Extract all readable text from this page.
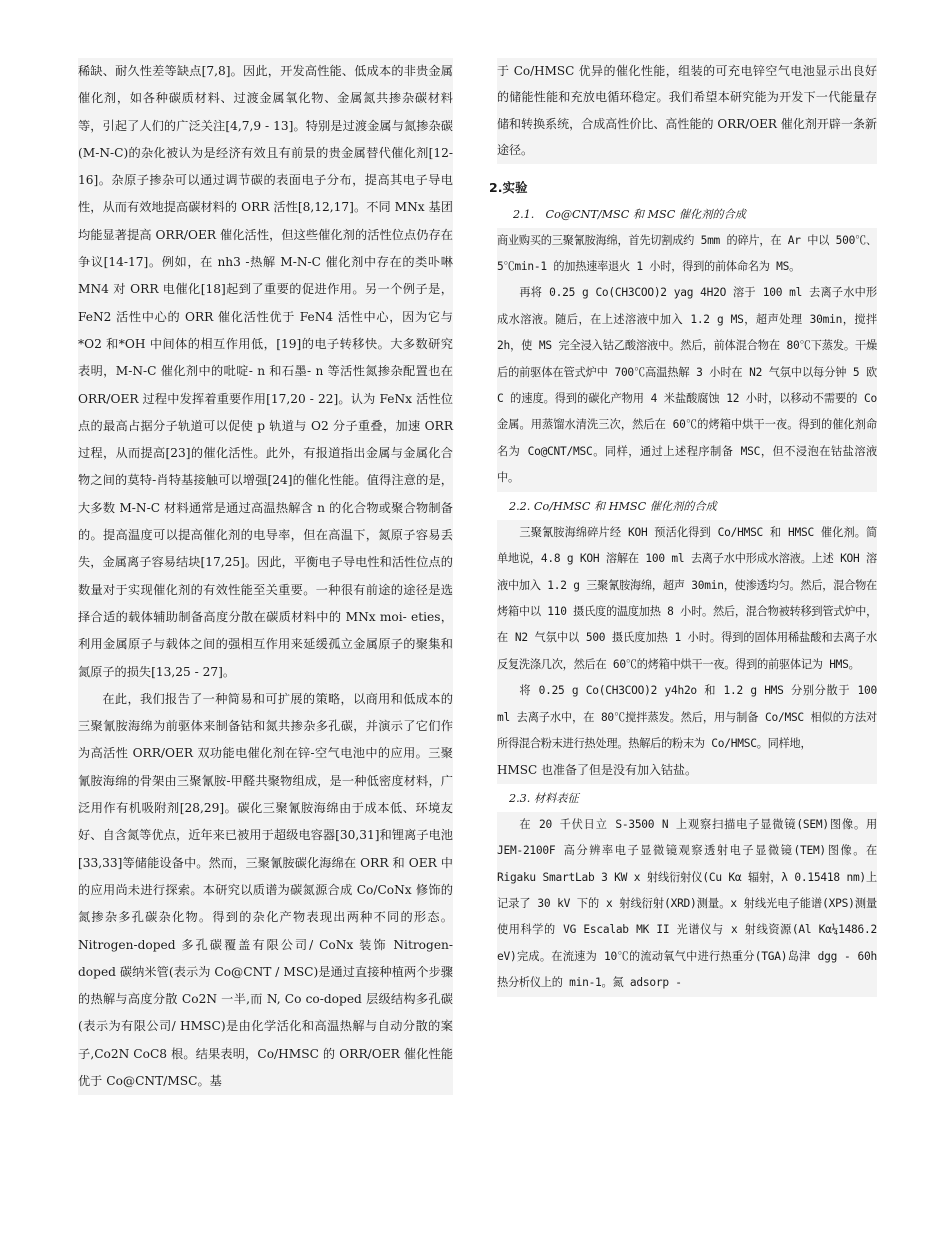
稀缺、耐久性差等缺点[7,8]。因此，开发高性能、低成本的非贵金属催化剂，如各种碳质材料、过渡金属氧化物、金属氮共掺杂碳材料等，引起了人们的广泛关注[4,7,9 - 13]。特别是过渡金属与氮掺杂碳(M-N-C)的杂化被认为是经济有效且有前景的贵金属替代催化剂[12-16]。杂原子掺杂可以通过调节碳的表面电子分布，提高其电子导电性，从而有效地提高碳材料的 ORR 活性[8,12,17]。不同 MNx 基团均能显著提高 ORR/OER 催化活性，但这些催化剂的活性位点仍存在争议[14-17]。例如，在 nh3 -热解 M-N-C 催化剂中存在的类卟啉 MN4 对 ORR 电催化[18]起到了重要的促进作用。另一个例子是，FeN2 活性中心的 ORR 催化活性优于 FeN4 活性中心，因为它与*O2 和*OH 中间体的相互作用低，[19]的电子转移快。大多数研究表明，M-N-C 催化剂中的吡啶- n 和石墨- n 等活性氮掺杂配置也在 ORR/OER 过程中发挥着重要作用[17,20 - 22]。认为 FeNx 活性位点的最高占据分子轨道可以促使 p 轨道与 O2 分子重叠，加速 ORR 过程，从而提高[23]的催化活性。此外，有报道指出金属与金属化合物之间的莫特-肖特基接触可以增强[24]的催化性能。值得注意的是，大多数 M-N-C 材料通常是通过高温热解含 n 的化合物或聚合物制备的。提高温度可以提高催化剂的电导率，但在高温下，氮原子容易丢失，金属离子容易结块[17,25]。因此，平衡电子导电性和活性位点的数量对于实现催化剂的有效性能至关重要。一种很有前途的途径是选择合适的载体辅助制备高度分散在碳质材料中的 MNx moi- eties，利用金属原子与载体之间的强相互作用来延缓孤立金属原子的聚集和氮原子的损失[13,25 - 27]。

在此，我们报告了一种简易和可扩展的策略，以商用和低成本的三聚氰胺海绵为前驱体来制备钴和氮共掺杂多孔碳，并演示了它们作为高活性 ORR/OER 双功能电催化剂在锌-空气电池中的应用。三聚氰胺海绵的骨架由三聚氰胺-甲醛共聚物组成，是一种低密度材料，广泛用作有机吸附剂[28,29]。碳化三聚氰胺海绵由于成本低、环境友好、自含氮等优点，近年来已被用于超级电容器[30,31]和锂离子电池[33,33]等储能设备中。然而，三聚氰胺碳化海绵在 ORR 和 OER 中的应用尚未进行探索。本研究以质谱为碳氮源合成 Co/CoNx 修饰的氮掺杂多孔碳杂化物。得到的杂化产物表现出两种不同的形态。Nitrogen-doped 多孔碳覆盖有限公司/ CoNx 装饰 Nitrogen-doped 碳纳米管(表示为 Co@CNT / MSC)是通过直接种植两个步骤的热解与高度分散 Co2N 一半,而 N, Co co-doped 层级结构多孔碳(表示为有限公司/ HMSC)是由化学活化和高温热解与自动分散的案子,Co2N CoC8 根。结果表明，Co/HMSC 的 ORR/OER 催化性能优于 Co@CNT/MSC。基

于 Co/HMSC 优异的催化性能，组装的可充电锌空气电池显示出良好的储能性能和充放电循环稳定。我们希望本研究能为开发下一代能量存储和转换系统，合成高性价比、高性能的 ORR/OER 催化剂开辟一条新途径。

2.实验
2.1.　Co@CNT/MSC 和 MSC 催化剂的合成

商业购买的三聚氰胺海绵，首先切割成约 5mm 的碎片，在 Ar 中以 500℃、5℃min-1 的加热速率退火 1 小时，得到的前体命名为 MS。

再将 0.25 g Co(CH3COO)2 yag 4H2O 溶于 100 ml 去离子水中形成水溶液。随后，在上述溶液中加入 1.2 g MS，超声处理 30min，搅拌 2h，使 MS 完全浸入钴乙酸溶液中。然后，前体混合物在 80℃下蒸发。干燥后的前驱体在管式炉中 700℃高温热解 3 小时在 N2 气氛中以每分钟 5 欧 C 的速度。得到的碳化产物用 4 米盐酸腐蚀 12 小时，以移动不需要的 Co 金属。用蒸馏水清洗三次，然后在 60℃的烤箱中烘干一夜。得到的催化剂命名为 Co@CNT/MSC。同样，通过上述程序制备 MSC，但不浸泡在钴盐溶液中。

2.2. Co/HMSC 和 HMSC 催化剂的合成

三聚氰胺海绵碎片经 KOH 预活化得到 Co/HMSC 和 HMSC 催化剂。简单地说，4.8 g KOH 溶解在 100 ml 去离子水中形成水溶液。上述 KOH 溶液中加入 1.2 g 三聚氰胺海绵，超声 30min，使渗透均匀。然后，混合物在烤箱中以 110 摄氏度的温度加热 8 小时。然后，混合物被转移到管式炉中，在 N2 气氛中以 500 摄氏度加热 1 小时。得到的固体用稀盐酸和去离子水反复洗涤几次，然后在 60℃的烤箱中烘干一夜。得到的前驱体记为 HMS。

将 0.25 g Co(CH3COO)2 y4h2o 和 1.2 g HMS 分别分散于 100 ml 去离子水中，在 80℃搅拌蒸发。然后，用与制备 Co/MSC 相似的方法对所得混合粉末进行热处理。热解后的粉末为 Co/HMSC。同样地，

HMSC 也准备了但是没有加入钴盐。

2.3. 材料表征

在 20 千伏日立 S-3500 N 上观察扫描电子显微镜(SEM)图像。用 JEM-2100F 高分辨率电子显微镜观察透射电子显微镜(TEM)图像。在 Rigaku SmartLab 3 KW x 射线衍射仪(Cu Kα 辐射，λ 0.15418 nm)上记录了 30 kV 下的 x 射线衍射(XRD)测量。x 射线光电子能谱(XPS)测量使用科学的 VG Escalab MK II 光谱仪与 x 射线资源(Al Kα¼1486.2 eV)完成。在流速为 10℃的流动氧气中进行热重分(TGA)岛津 dgg - 60h 热分析仪上的 min-1。氮 adsorp -
